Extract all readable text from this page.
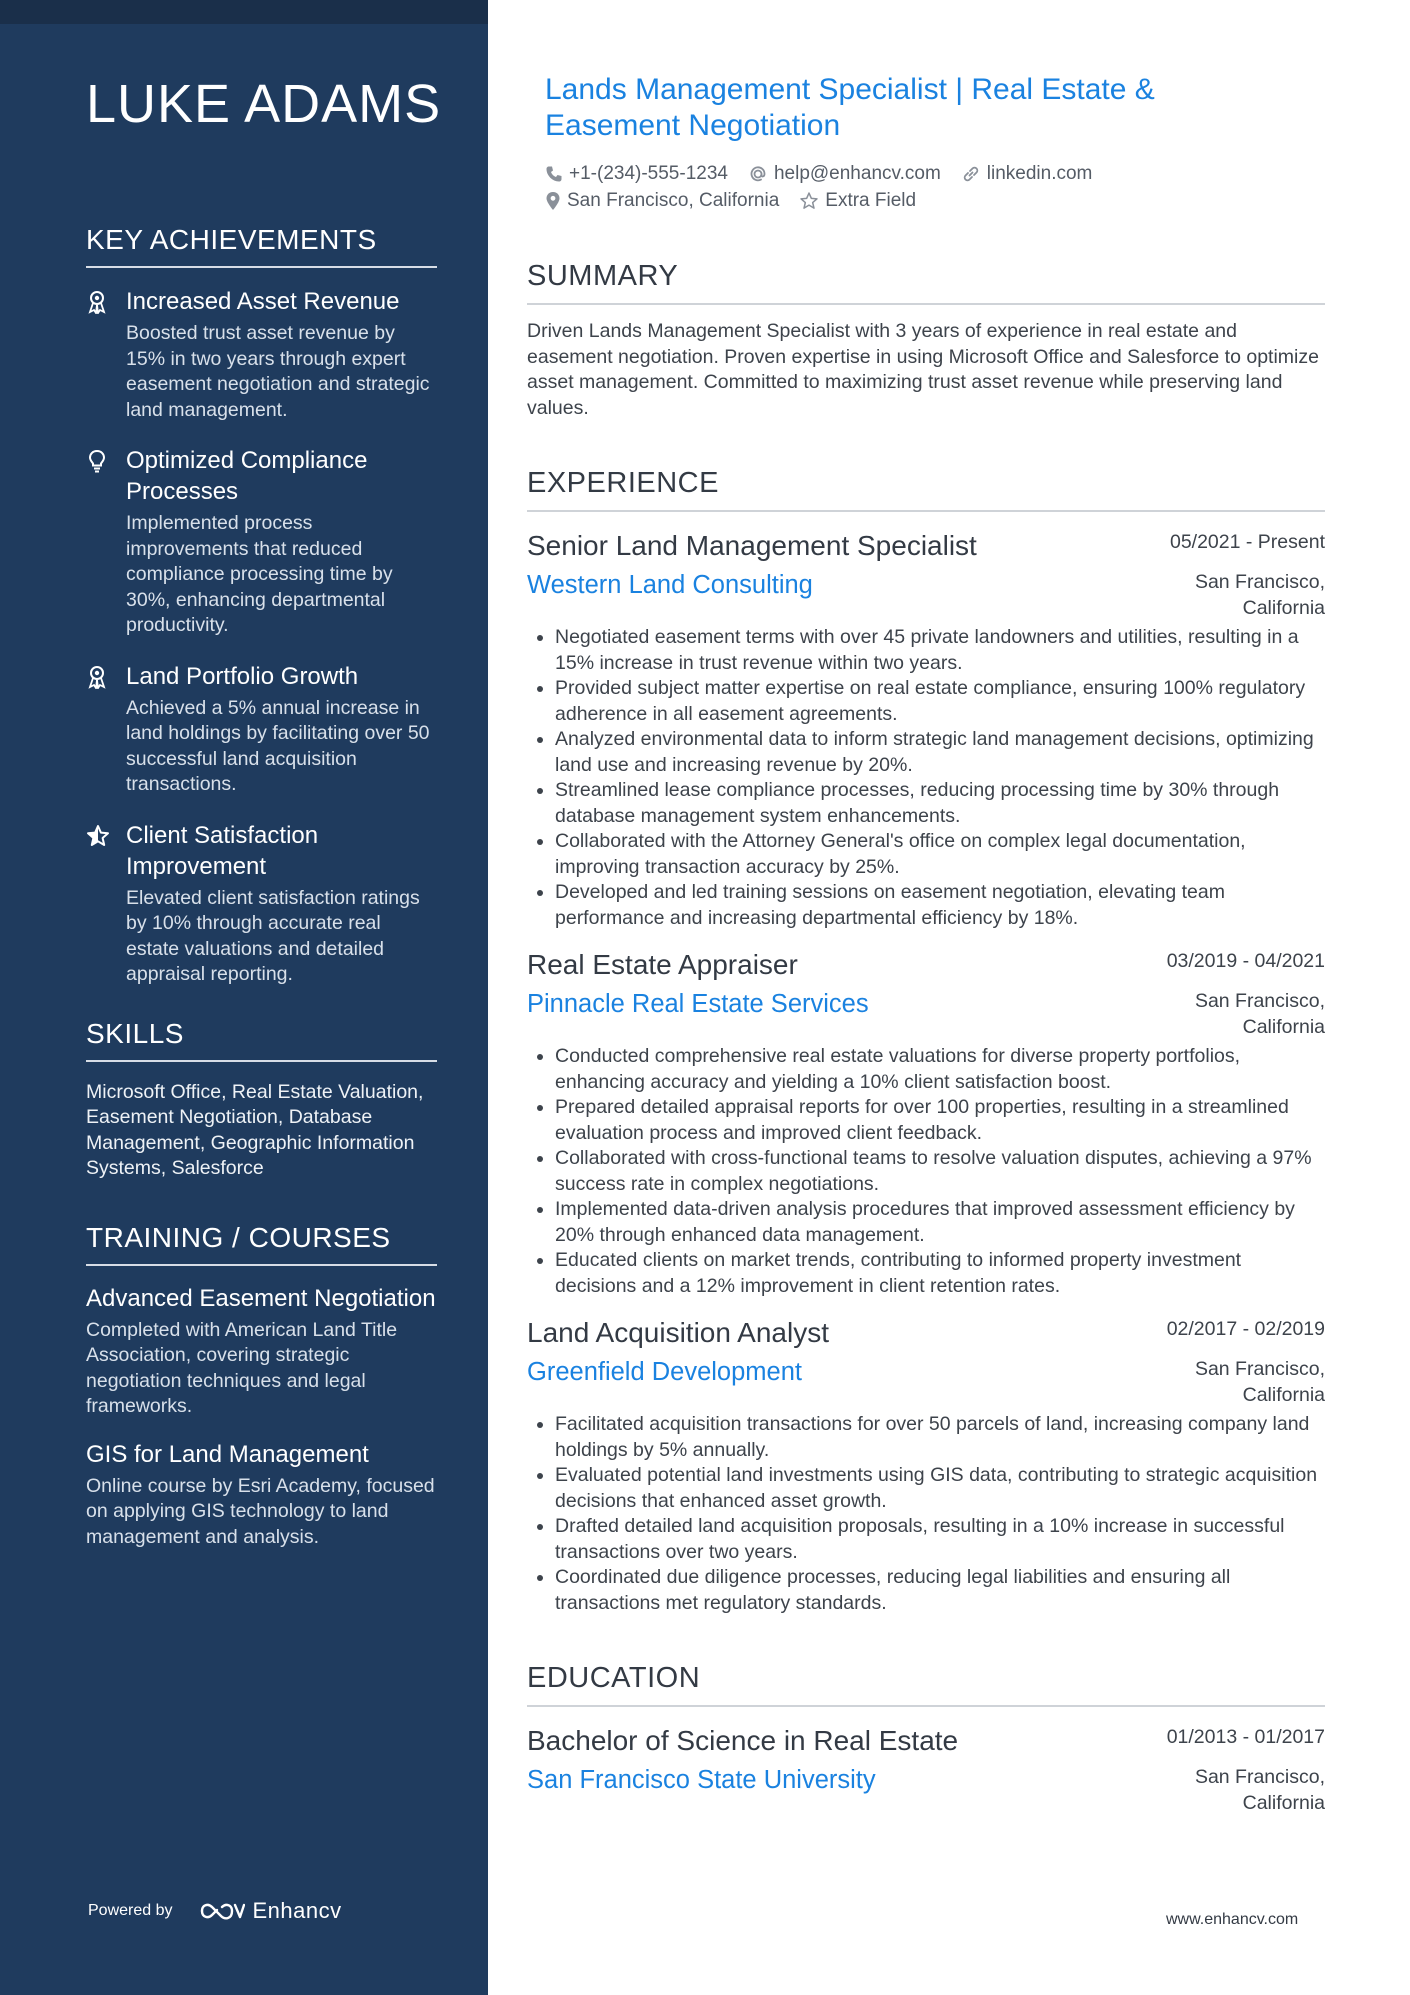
LUKE ADAMS
KEY ACHIEVEMENTS
Increased Asset Revenue
Boosted trust asset revenue by 15% in two years through expert easement negotiation and strategic land management.
Optimized Compliance Processes
Implemented process improvements that reduced compliance processing time by 30%, enhancing departmental productivity.
Land Portfolio Growth
Achieved a 5% annual increase in land holdings by facilitating over 50 successful land acquisition transactions.
Client Satisfaction Improvement
Elevated client satisfaction ratings by 10% through accurate real estate valuations and detailed appraisal reporting.
SKILLS
Microsoft Office, Real Estate Valuation, Easement Negotiation, Database Management, Geographic Information Systems, Salesforce
TRAINING / COURSES
Advanced Easement Negotiation
Completed with American Land Title Association, covering strategic negotiation techniques and legal frameworks.
GIS for Land Management
Online course by Esri Academy, focused on applying GIS technology to land management and analysis.
Powered by	Enhancv
Lands Management Specialist | Real Estate & Easement Negotiation
+1-(234)-555-1234 help@enhancv.com linkedin.com
San Francisco, California Extra Field
SUMMARY
Driven Lands Management Specialist with 3 years of experience in real estate and easement negotiation. Proven expertise in using Microsoft Office and Salesforce to optimize asset management. Committed to maximizing trust asset revenue while preserving land values.
EXPERIENCE
Senior Land Management Specialist	05/2021 - Present
Western Land Consulting	San Francisco,
California
• Negotiated easement terms with over 45 private landowners and utilities, resulting in a 15% increase in trust revenue within two years.
• Provided subject matter expertise on real estate compliance, ensuring 100% regulatory adherence in all easement agreements.
• Analyzed environmental data to inform strategic land management decisions, optimizing land use and increasing revenue by 20%.
• Streamlined lease compliance processes, reducing processing time by 30% through database management system enhancements.
• Collaborated with the Attorney General's office on complex legal documentation, improving transaction accuracy by 25%.
• Developed and led training sessions on easement negotiation, elevating team performance and increasing departmental efficiency by 18%.
Real Estate Appraiser	03/2019 - 04/2021
Pinnacle Real Estate Services	San Francisco,
California
• Conducted comprehensive real estate valuations for diverse property portfolios, enhancing accuracy and yielding a 10% client satisfaction boost.
• Prepared detailed appraisal reports for over 100 properties, resulting in a streamlined evaluation process and improved client feedback.
• Collaborated with cross-functional teams to resolve valuation disputes, achieving a 97% success rate in complex negotiations.
• Implemented data-driven analysis procedures that improved assessment efficiency by 20% through enhanced data management.
• Educated clients on market trends, contributing to informed property investment decisions and a 12% improvement in client retention rates.
Land Acquisition Analyst	02/2017 - 02/2019
Greenfield Development	San Francisco,
California
• Facilitated acquisition transactions for over 50 parcels of land, increasing company land holdings by 5% annually.
• Evaluated potential land investments using GIS data, contributing to strategic acquisition decisions that enhanced asset growth.
• Drafted detailed land acquisition proposals, resulting in a 10% increase in successful transactions over two years.
• Coordinated due diligence processes, reducing legal liabilities and ensuring all transactions met regulatory standards.
EDUCATION
Bachelor of Science in Real Estate	01/2013 - 01/2017
San Francisco State University	San Francisco,
California
www.enhancv.com
